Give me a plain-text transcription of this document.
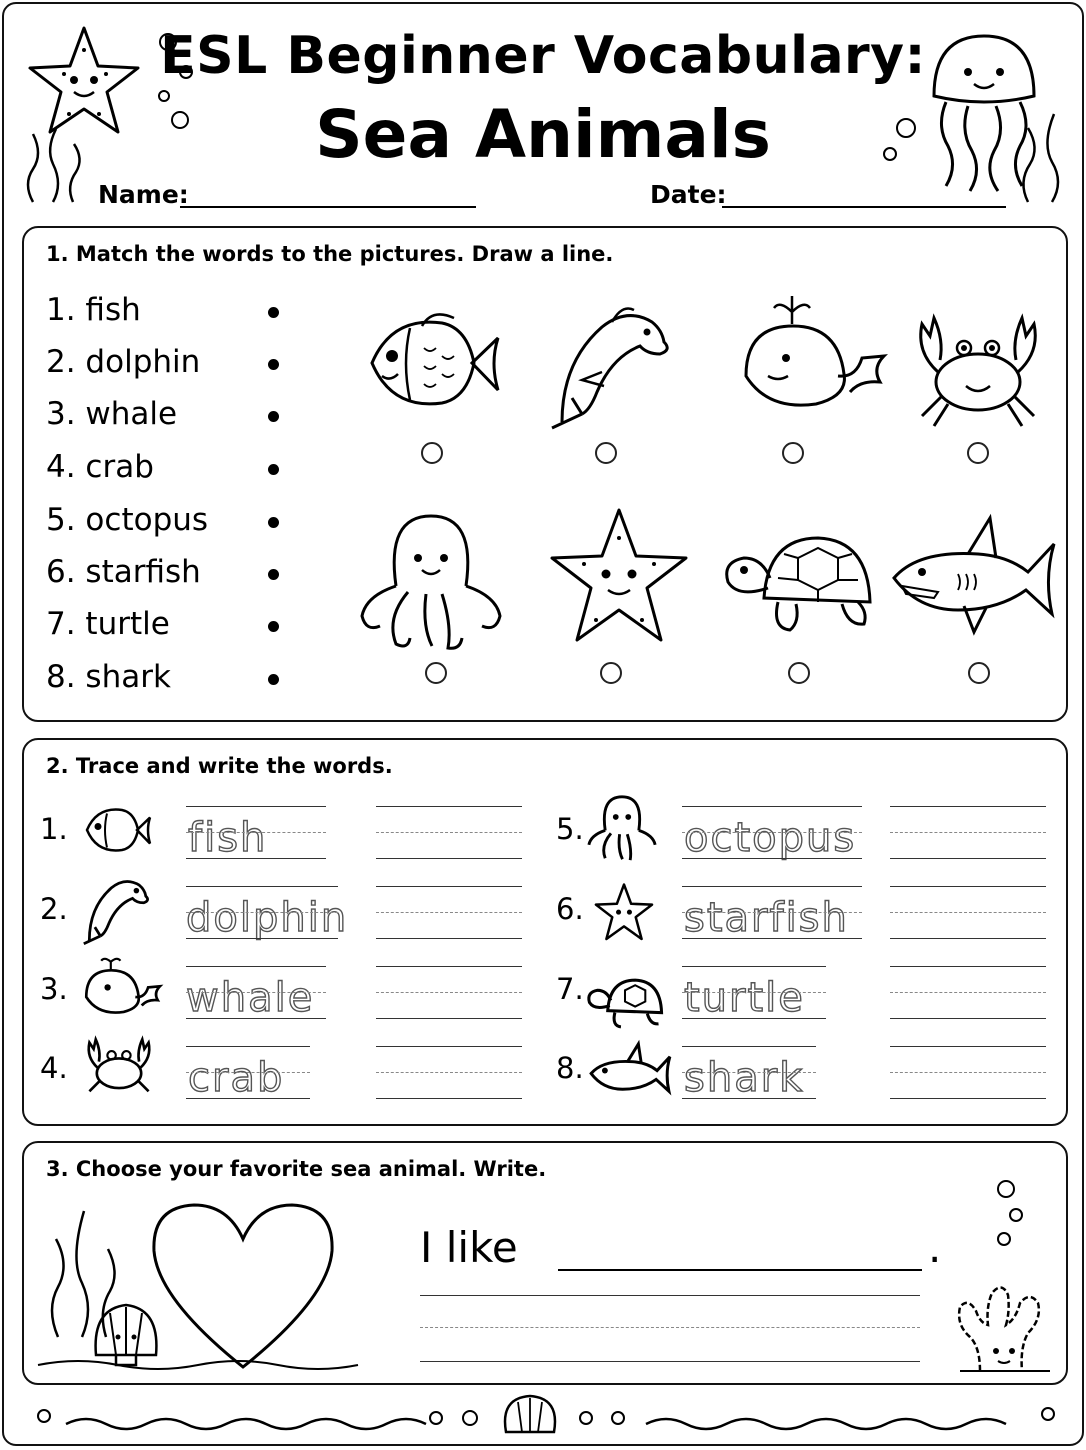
ESL Beginner Vocabulary:
Sea Animals
Name:	Date:
1. Match the words to the pictures. Draw a line.
1. fish
2. dolphin
3. whale
4. crab
5. octopus
6. starfish
7. turtle
8. shark
2. Trace and write the words.
1.
2.
3.
4.
5.
6.
7.
8.
fish
dolphin
whale
crab
octopus
starfish
turtle
shark
3. Choose your favorite sea animal. Write.
I like	.
